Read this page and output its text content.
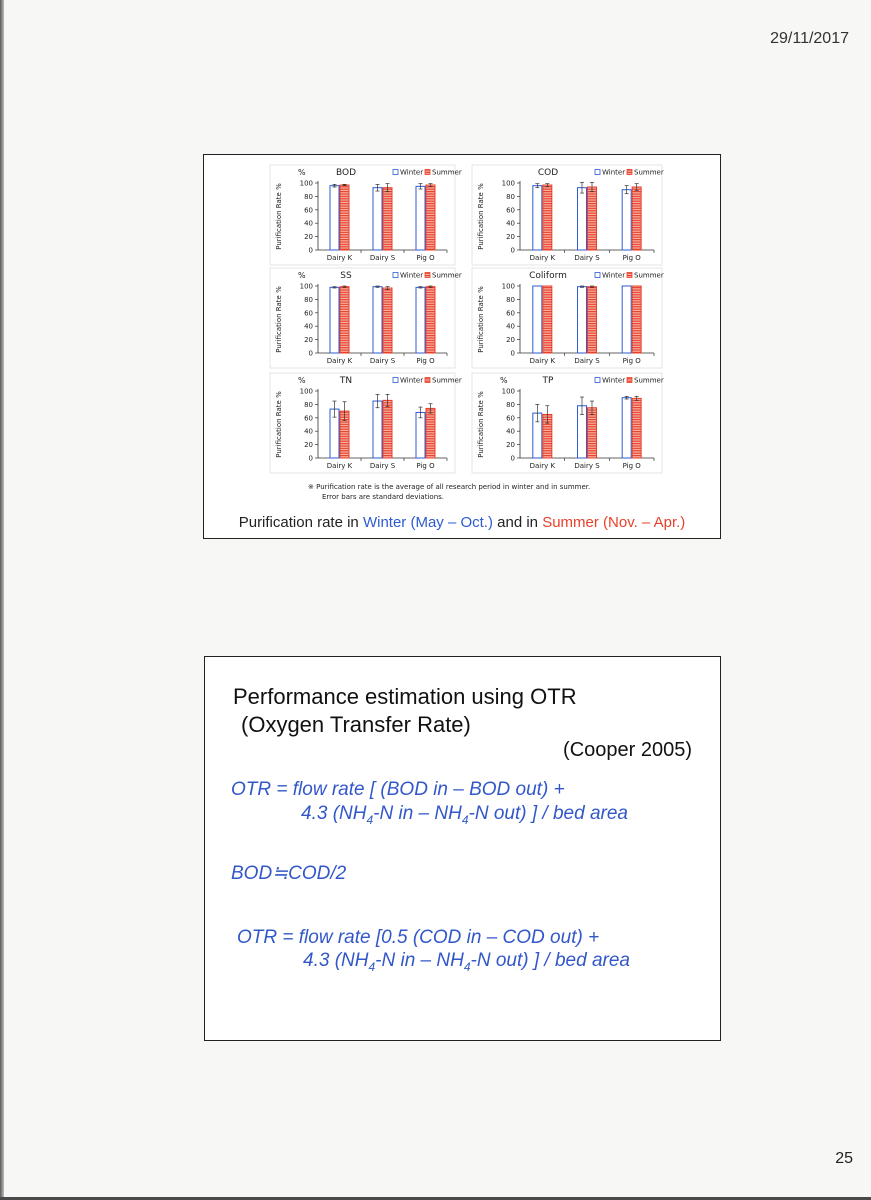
29/11/2017
Purification Rate %
%	BOD	Winter Summer
0
20
40
60
80
100
Dairy K	Dairy S	Pig O
Purification Rate %
COD	Winter Summer
0
20
40
60
80
100
Dairy K	Dairy S	Pig O
Purification Rate %
%	SS	Winter Summer
0
20
40
60
80
100
Dairy K	Dairy S	Pig O
Purification Rate %
Coliform	Winter Summer
0
20
40
60
80
100
Dairy K	Dairy S	Pig O
Purification Rate %
%	TN	Winter Summer
0
20
40
60
80
100
Dairy K	Dairy S	Pig O
Purification Rate %
%	TP	Winter Summer
0
20
40
60
80
100
Dairy K	Dairy S	Pig O
※ Purification rate is the average of all research period in winter and in summer.
Error bars are standard deviations.
Purification rate in Winter (May – Oct.) and in Summer (Nov. – Apr.)
Performance estimation using OTR
(Oxygen Transfer Rate)
(Cooper 2005)
OTR = flow rate [ (BOD in – BOD out) +
4.3 ($NH_4-N$ in – $NH_4-N$ out) ] / bed area
BOD≒COD/2
OTR = flow rate [0.5 (COD in – COD out) +
4.3 ($NH_4-N$ in – $NH_4-N$ out) ] / bed area
25
